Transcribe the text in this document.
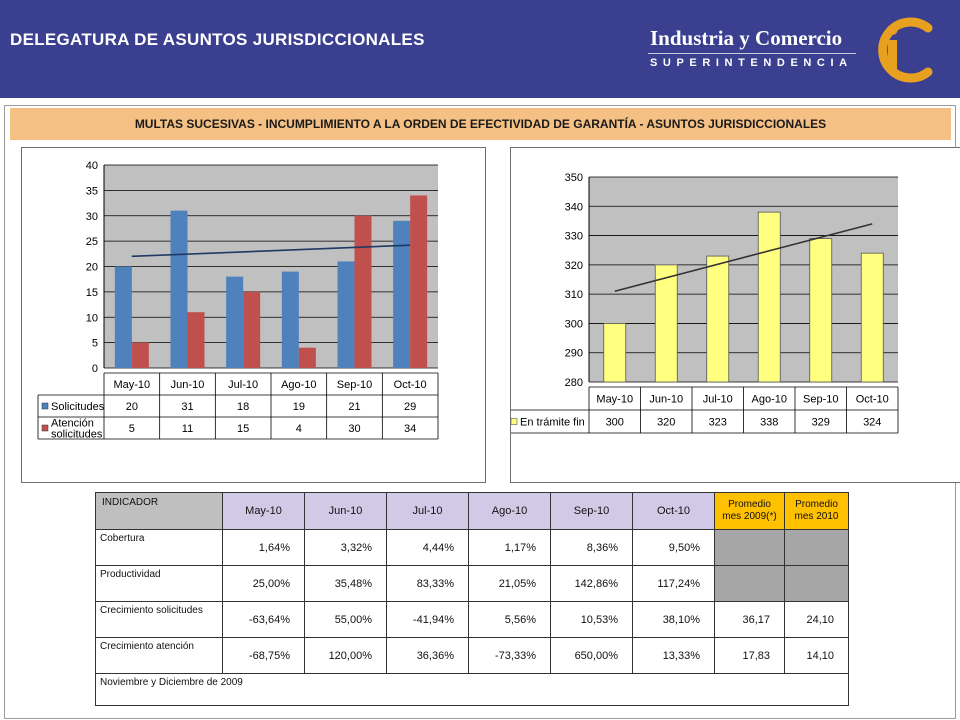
DELEGATURA DE ASUNTOS JURISDICCIONALES	Industria y Comercio
SUPERINTENDENCIA
MULTAS SUCESIVAS - INCUMPLIMIENTO A LA ORDEN DE EFECTIVIDAD DE GARANTÍA - ASUNTOS JURISDICCIONALES
0
5
10
15
20
25
30
35
40
May-10 Jun-10 Jul-10 Ago-10 Sep-10 Oct-10
Solicitudes 20	31	18	19	21	29
Atención
solicitudes 5	11	15	4	30	34
280
290
300
310
320
330
340
350
May-10 Jun-10 Jul-10 Ago-10 Sep-10 Oct-10
En trámite fin 300	320	323	338	329	324
INDICADOR	May-10	Jun-10	Jul-10	Ago-10	Sep-10	Oct-10	Promedio
mes 2009(*)	Promedio
mes 2010
Cobertura	1,64%	3,32%	4,44%	1,17%	8,36%	9,50%		
Productividad	25,00%	35,48%	83,33%	21,05%	142,86%	117,24%		
Crecimiento solicitudes	-63,64%	55,00%	-41,94%	5,56%	10,53%	38,10%	36,17	24,10
Crecimiento atención	-68,75%	120,00%	36,36%	-73,33%	650,00%	13,33%	17,83	14,10
Noviembre y Diciembre de 2009								
